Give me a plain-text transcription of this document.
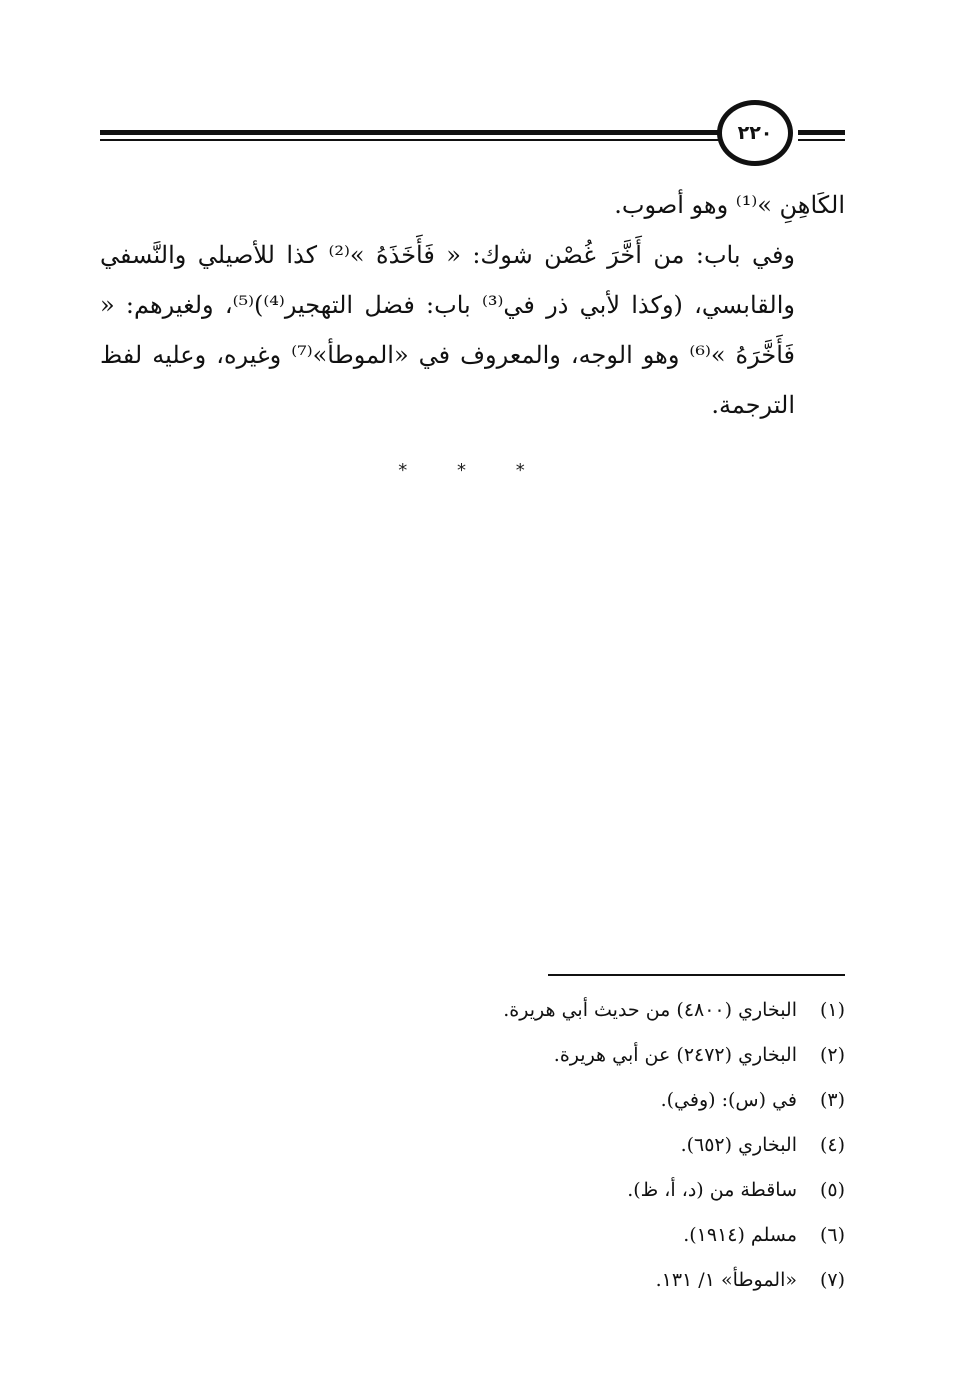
٢٢٠

الكَاهِنِ »⁽¹⁾ وهو أصوب.

وفي باب: من أَخَّرَ غُصْن شوك: « فَأَخَذَهُ »⁽²⁾ كذا للأصيلي والنَّسفي والقابسي، (وكذا لأبي ذر في⁽³⁾ باب: فضل التهجير⁽⁴⁾)⁽⁵⁾، ولغيرهم: « فَأَخَّرَهُ »⁽⁶⁾ وهو الوجه، والمعروف في «الموطأ»⁽⁷⁾ وغيره، وعليه لفظ الترجمة.

* * *
(١)البخاري (٤٨٠٠) من حديث أبي هريرة.
(٢)البخاري (٢٤٧٢) عن أبي هريرة.
(٣)في (س): (وفي).
(٤)البخاري (٦٥٢).
(٥)ساقطة من (د، أ، ظ).
(٦)مسلم (١٩١٤).
(٧)«الموطأ» ١/ ١٣١.
